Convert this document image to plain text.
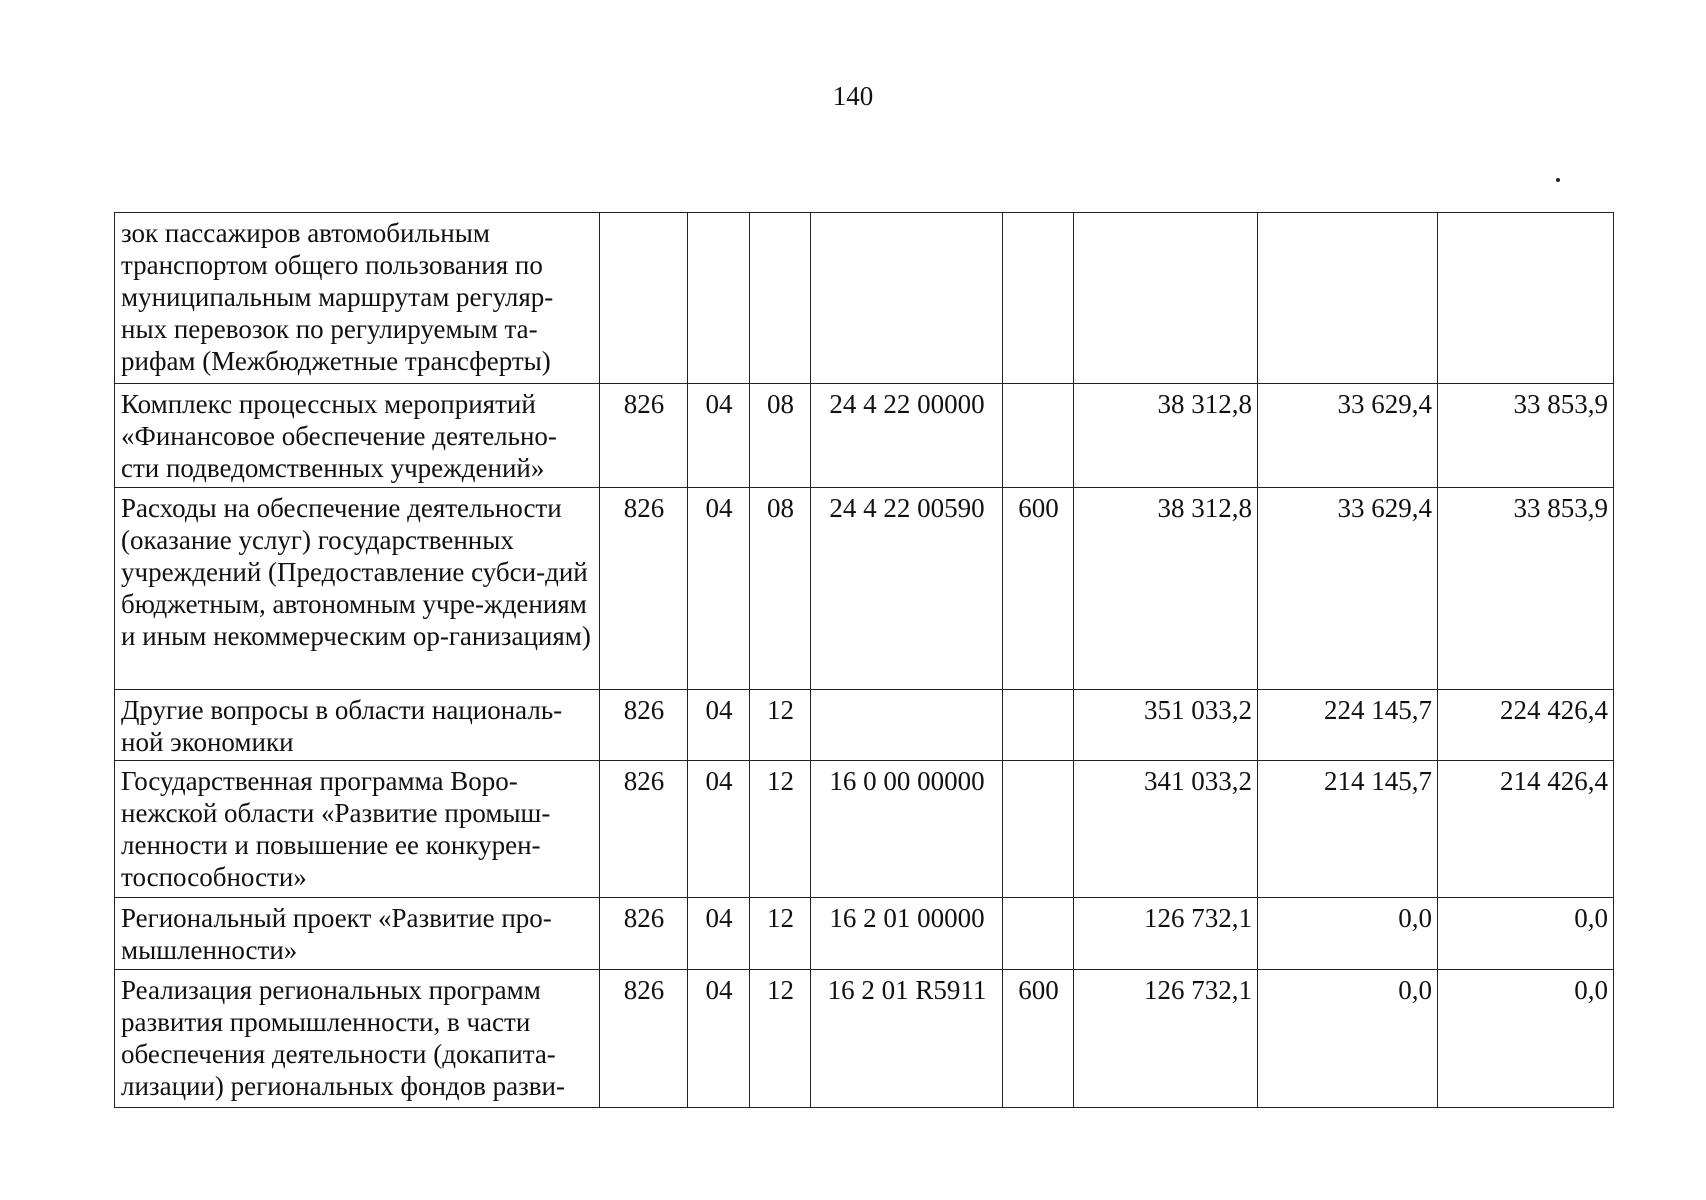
140
зок пассажиров автомобильным транспортом общего пользования по муниципальным маршрутам регуляр-ных перевозок по регулируемым та-рифам (Межбюджетные трансферты)								
Комплекс процессных мероприятий «Финансовое обеспечение деятельно-сти подведомственных учреждений»	826	04	08	24 4 22 00000		38 312,8	33 629,4	33 853,9
Расходы на обеспечение деятельности (оказание услуг) государственных учреждений (Предоставление субси-дий бюджетным, автономным учре-ждениям и иным некоммерческим ор-ганизациям)	826	04	08	24 4 22 00590	600	38 312,8	33 629,4	33 853,9
Другие вопросы в области националь-ной экономики	826	04	12			351 033,2	224 145,7	224 426,4
Государственная программа Воро-нежской области «Развитие промыш-ленности и повышение ее конкурен-тоспособности»	826	04	12	16 0 00 00000		341 033,2	214 145,7	214 426,4
Региональный проект «Развитие про-мышленности»	826	04	12	16 2 01 00000		126 732,1	0,0	0,0
Реализация региональных программ развития промышленности, в части обеспечения деятельности (докапита-лизации) региональных фондов разви-	826	04	12	16 2 01 R5911	600	126 732,1	0,0	0,0
